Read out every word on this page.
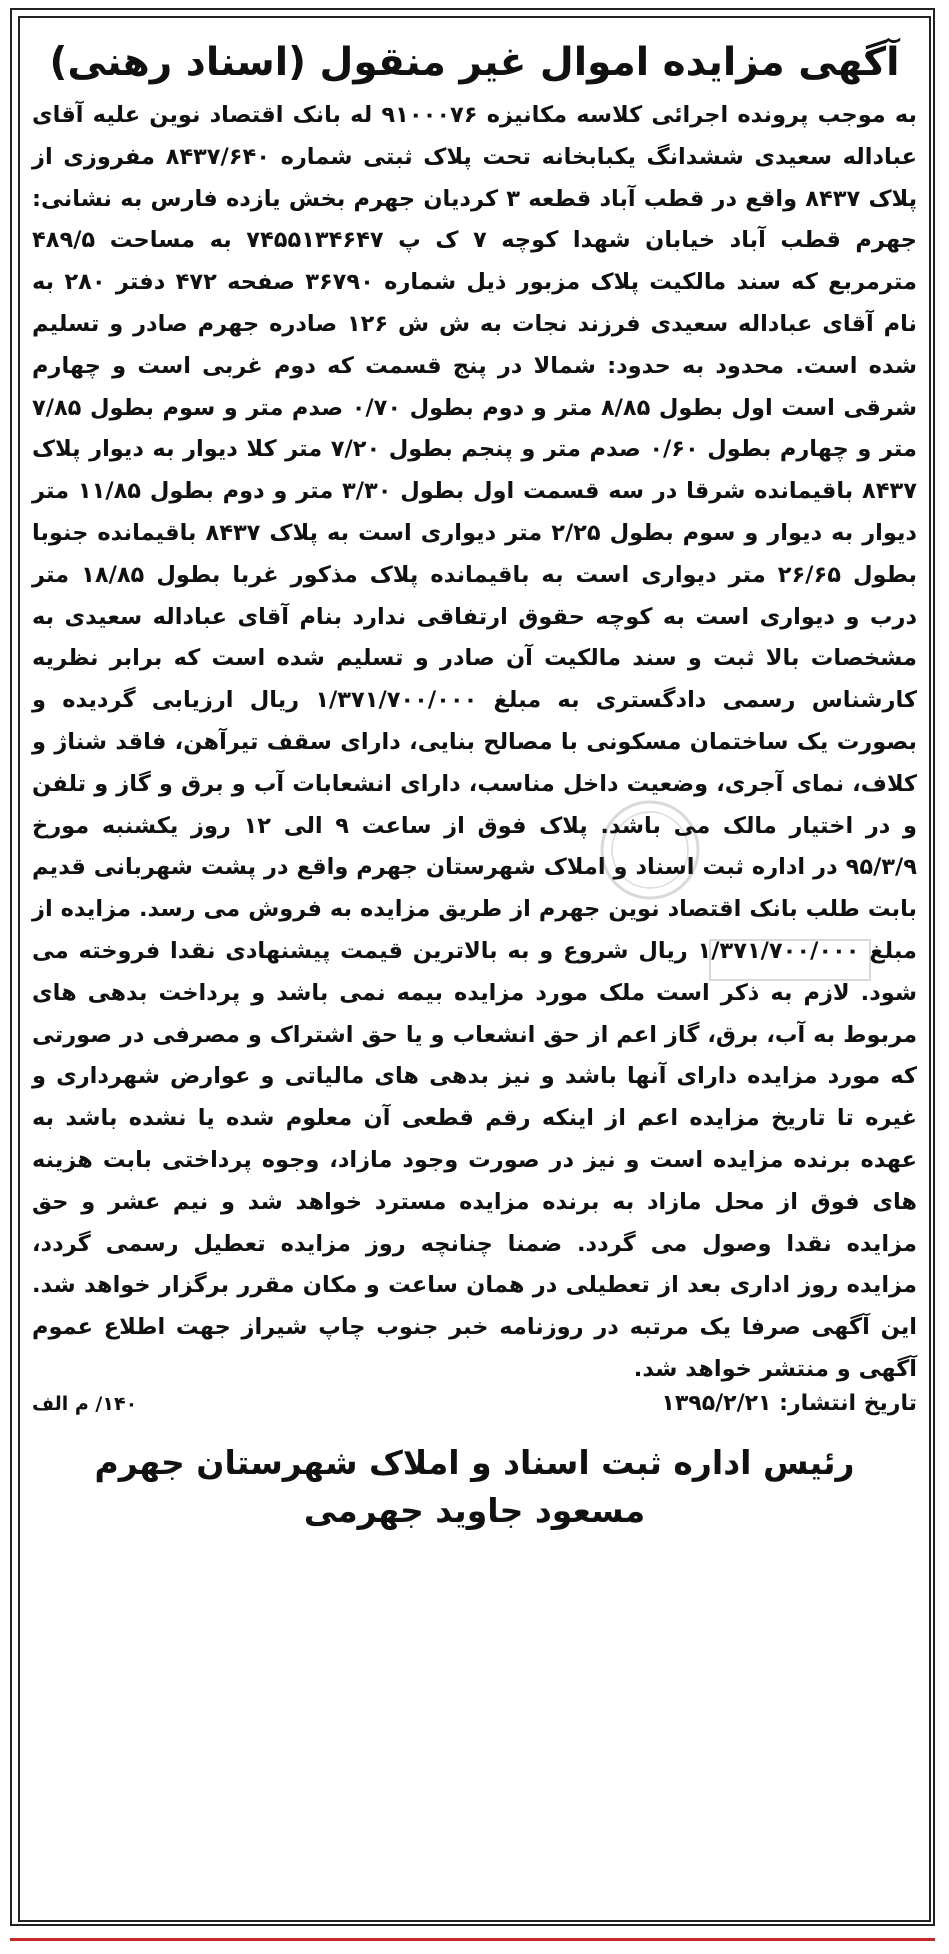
آگهی مزایده اموال غیر منقول (اسناد رهنی)

به موجب پرونده اجرائی کلاسه مکانیزه ۹۱۰۰۰۷۶ له بانک اقتصاد نوین علیه آقای عباداله سعیدی ششدانگ یکبابخانه تحت پلاک ثبتی شماره ۸۴۳۷/۶۴۰ مفروزی از پلاک ۸۴۳۷ واقع در قطب آباد قطعه ۳ کردیان جهرم بخش یازده فارس به نشانی: جهرم قطب آباد خیابان شهدا کوچه ۷ ک پ ۷۴۵۵۱۳۴۶۴۷ به مساحت ۴۸۹/۵ مترمربع که سند مالکیت پلاک مزبور ذیل شماره ۳۶۷۹۰ صفحه ۴۷۲ دفتر ۲۸۰ به نام آقای عباداله سعیدی فرزند نجات به ش ش ۱۲۶ صادره جهرم صادر و تسلیم شده است. محدود به حدود: شمالا در پنج قسمت که دوم غربی است و چهارم شرقی است اول بطول ۸/۸۵ متر و دوم بطول ۰/۷۰ صدم متر و سوم بطول ۷/۸۵ متر و چهارم بطول ۰/۶۰ صدم متر و پنجم بطول ۷/۲۰ متر کلا دیوار به دیوار پلاک ۸۴۳۷ باقیمانده شرقا در سه قسمت اول بطول ۳/۳۰ متر و دوم بطول ۱۱/۸۵ متر دیوار به دیوار و سوم بطول ۲/۲۵ متر دیواری است به پلاک ۸۴۳۷ باقیمانده جنوبا بطول ۲۶/۶۵ متر دیواری است به باقیمانده پلاک مذکور غربا بطول ۱۸/۸۵ متر درب و دیواری است به کوچه حقوق ارتفاقی ندارد بنام آقای عباداله سعیدی به مشخصات بالا ثبت و سند مالکیت آن صادر و تسلیم شده است که برابر نظریه کارشناس رسمی دادگستری به مبلغ ۱/۳۷۱/۷۰۰/۰۰۰ ریال ارزیابی گردیده و بصورت یک ساختمان مسکونی با مصالح بنایی، دارای سقف تیرآهن، فاقد شناژ و کلاف، نمای آجری، وضعیت داخل مناسب، دارای انشعابات آب و برق و گاز و تلفن و در اختیار مالک می باشد. پلاک فوق از ساعت ۹ الی ۱۲ روز یکشنبه مورخ ۹۵/۳/۹ در اداره ثبت اسناد و املاک شهرستان جهرم واقع در پشت شهربانی قدیم بابت طلب بانک اقتصاد نوین جهرم از طریق مزایده به فروش می رسد. مزایده از مبلغ ۱/۳۷۱/۷۰۰/۰۰۰ ریال شروع و به بالاترین قیمت پیشنهادی نقدا فروخته می شود. لازم به ذکر است ملک مورد مزایده بیمه نمی باشد و پرداخت بدهی های مربوط به آب، برق، گاز اعم از حق انشعاب و یا حق اشتراک و مصرفی در صورتی که مورد مزایده دارای آنها باشد و نیز بدهی های مالیاتی و عوارض شهرداری و غیره تا تاریخ مزایده اعم از اینکه رقم قطعی آن معلوم شده یا نشده باشد به عهده برنده مزایده است و نیز در صورت وجود مازاد، وجوه پرداختی بابت هزینه های فوق از محل مازاد به برنده مزایده مسترد خواهد شد و نیم عشر و حق مزایده نقدا وصول می گردد. ضمنا چنانچه روز مزایده تعطیل رسمی گردد، مزایده روز اداری بعد از تعطیلی در همان ساعت و مکان مقرر برگزار خواهد شد. این آگهی صرفا یک مرتبه در روزنامه خبر جنوب چاپ شیراز جهت اطلاع عموم آگهی و منتشر خواهد شد.

تاریخ انتشار: ۱۳۹۵/۲/۲۱
۱۴۰/ م الف
رئیس اداره ثبت اسناد و املاک شهرستان جهرم
مسعود جاوید جهرمی
